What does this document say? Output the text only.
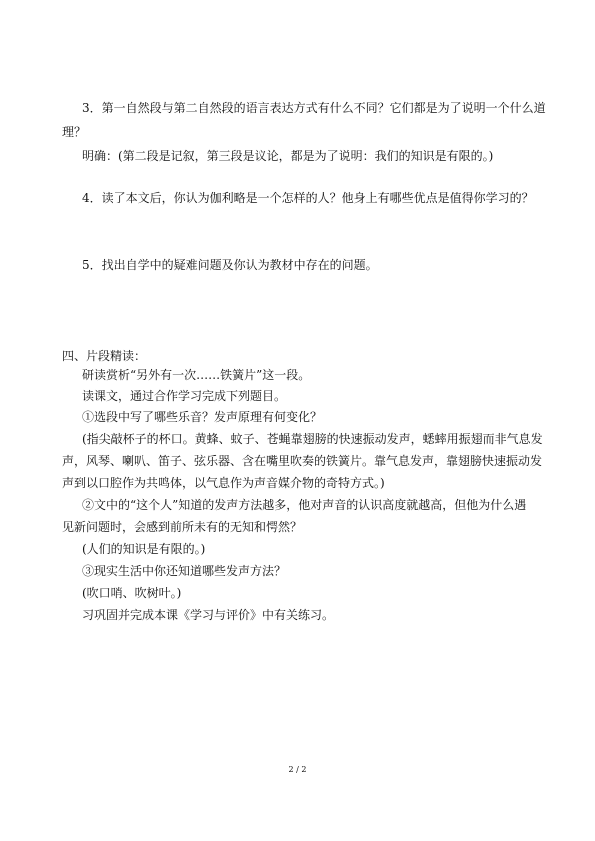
3．第一自然段与第二自然段的语言表达方式有什么不同？它们都是为了说明一个什么道
理？
明确：(第二段是记叙，第三段是议论，都是为了说明：我们的知识是有限的。)
4．读了本文后，你认为伽利略是一个怎样的人？他身上有哪些优点是值得你学习的？
5．找出自学中的疑难问题及你认为教材中存在的问题。
四、片段精读：
研读赏析“另外有一次……铁簧片”这一段。
读课文，通过合作学习完成下列题目。
①选段中写了哪些乐音？发声原理有何变化？
(指尖敲杯子的杯口。黄蜂、蚊子、苍蝇靠翅膀的快速振动发声，蟋蟀用振翅而非气息发
声，风琴、喇叭、笛子、弦乐器、含在嘴里吹奏的铁簧片。靠气息发声，靠翅膀快速振动发
声到以口腔作为共鸣体，以气息作为声音媒介物的奇特方式。)
②文中的“这个人”知道的发声方法越多，他对声音的认识高度就越高，但他为什么遇
见新问题时，会感到前所未有的无知和愕然？
(人们的知识是有限的。)
③现实生活中你还知道哪些发声方法？
(吹口哨、吹树叶。)
习巩固并完成本课《学习与评价》中有关练习。
2 / 2
